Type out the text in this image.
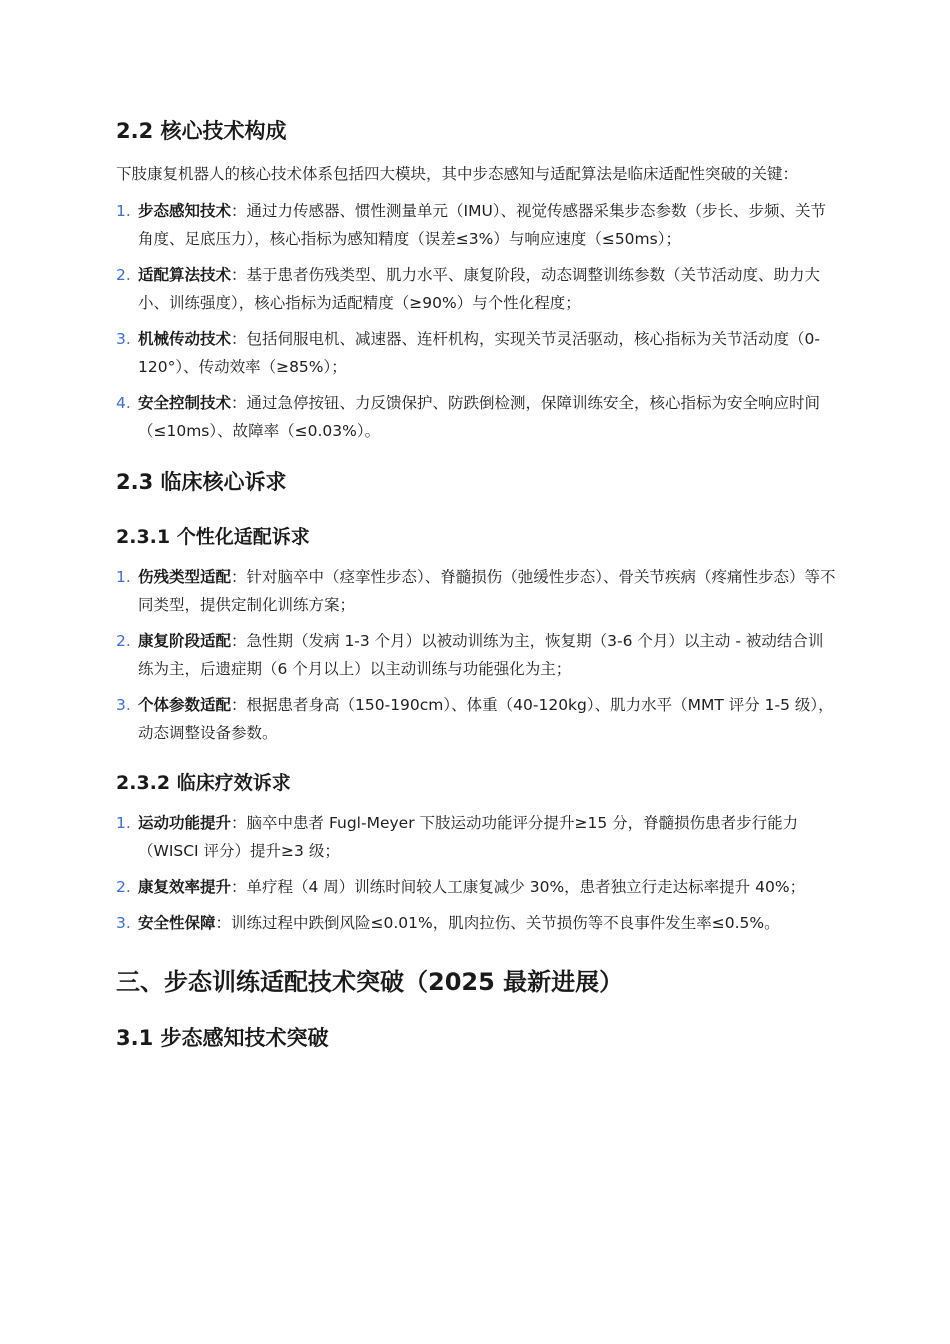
2.2 核心技术构成

下肢康复机器人的核心技术体系包括四大模块，其中步态感知与适配算法是临床适配性突破的关键：

1. 步态感知技术：通过力传感器、惯性测量单元（IMU）、视觉传感器采集步态参数（步长、步频、关节角度、足底压力），核心指标为感知精度（误差≤3%）与响应速度（≤50ms）；
2. 适配算法技术：基于患者伤残类型、肌力水平、康复阶段，动态调整训练参数（关节活动度、助力大小、训练强度），核心指标为适配精度（≥90%）与个性化程度；
3. 机械传动技术：包括伺服电机、减速器、连杆机构，实现关节灵活驱动，核心指标为关节活动度（0-120°）、传动效率（≥85%）；
4. 安全控制技术：通过急停按钮、力反馈保护、防跌倒检测，保障训练安全，核心指标为安全响应时间（≤10ms）、故障率（≤0.03%）。
2.3 临床核心诉求
2.3.1 个性化适配诉求
1. 伤残类型适配：针对脑卒中（痉挛性步态）、脊髓损伤（弛缓性步态）、骨关节疾病（疼痛性步态）等不同类型，提供定制化训练方案；
2. 康复阶段适配：急性期（发病 1-3 个月）以被动训练为主，恢复期（3-6 个月）以主动 - 被动结合训练为主，后遗症期（6 个月以上）以主动训练与功能强化为主；
3. 个体参数适配：根据患者身高（150-190cm）、体重（40-120kg）、肌力水平（MMT 评分 1-5 级），动态调整设备参数。
2.3.2 临床疗效诉求
1. 运动功能提升：脑卒中患者 Fugl-Meyer 下肢运动功能评分提升≥15 分，脊髓损伤患者步行能力（WISCI 评分）提升≥3 级；
2. 康复效率提升：单疗程（4 周）训练时间较人工康复减少 30%，患者独立行走达标率提升 40%；
3. 安全性保障：训练过程中跌倒风险≤0.01%，肌肉拉伤、关节损伤等不良事件发生率≤0.5%。
三、步态训练适配技术突破（2025 最新进展）
3.1 步态感知技术突破
